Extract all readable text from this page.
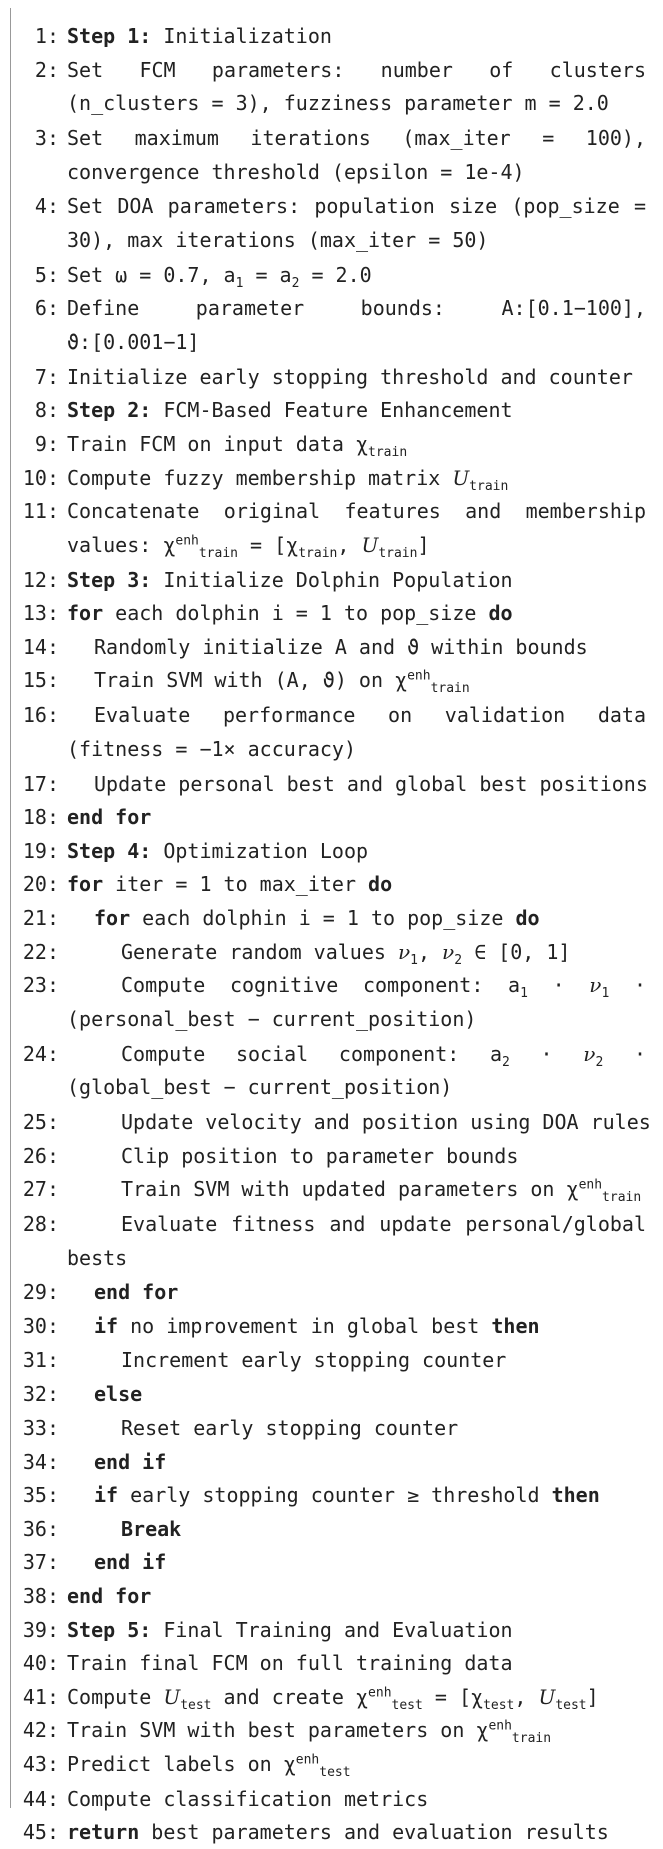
1: Step 1: Initialization
2: Set FCM parameters: number of clusters
(n_clusters = 3), fuzziness parameter m = 2.0
3: Set maximum iterations (max_iter = 100),
convergence threshold (epsilon = 1e-4)
4: Set DOA parameters: population size (pop_size =
30), max iterations (max_iter = 50)
5: Set ω = 0.7, $a_1 = a_2 = 2.0$
6: Define parameter bounds: A:[0.1−100],
ϑ:[0.001−1]
7: Initialize early stopping threshold and counter
8: Step 2: FCM-Based Feature Enhancement
9: Train FCM on input data $\chi_{train}$
10: Compute fuzzy membership matrix $U_{train}$
11: Concatenate original features and membership
values: $\chi^{enh}_{train} = [\chi_{train}$, $U_{train}$]
12: Step 3: Initialize Dolphin Population
13: for each dolphin i = 1 to pop_size do
14: Randomly initialize A and ϑ within bounds
15: Train SVM with (A, ϑ) on $\chi^{enh}_{train}$
16: Evaluate performance on validation data
(fitness = −1× accuracy)
17: Update personal best and global best positions
18: end for
19: Step 4: Optimization Loop
20: for iter = 1 to max_iter do
21: for each dolphin i = 1 to pop_size do
22:	Generate random values $\nu_1$, $\nu_2$ ∈ [0, 1]
23:	Compute cognitive component: $a_1 \cdot \nu_1$ ·
(personal_best − current_position)
24:	Compute social component: $a_2 \cdot \nu_2$ ·
(global_best − current_position)
25:	Update velocity and position using DOA rules
26:	Clip position to parameter bounds
27:	Train SVM with updated parameters on $\chi^{enh}_{train}$
28:	Evaluate fitness and update personal/global
bests
29: end for
30: if no improvement in global best then
31:	Increment early stopping counter
32: else
33:	Reset early stopping counter
34: end if
35: if early stopping counter ≥ threshold then
36:	Break
37: end if
38: end for
39: Step 5: Final Training and Evaluation
40: Train final FCM on full training data
41: Compute $U_{test}$ and create $\chi^{enh}_{test} = [\chi_{test}$, $U_{test}$]
42: Train SVM with best parameters on $\chi^{enh}_{train}$
43: Predict labels on $\chi^{enh}_{test}$
44: Compute classification metrics
45: return best parameters and evaluation results
